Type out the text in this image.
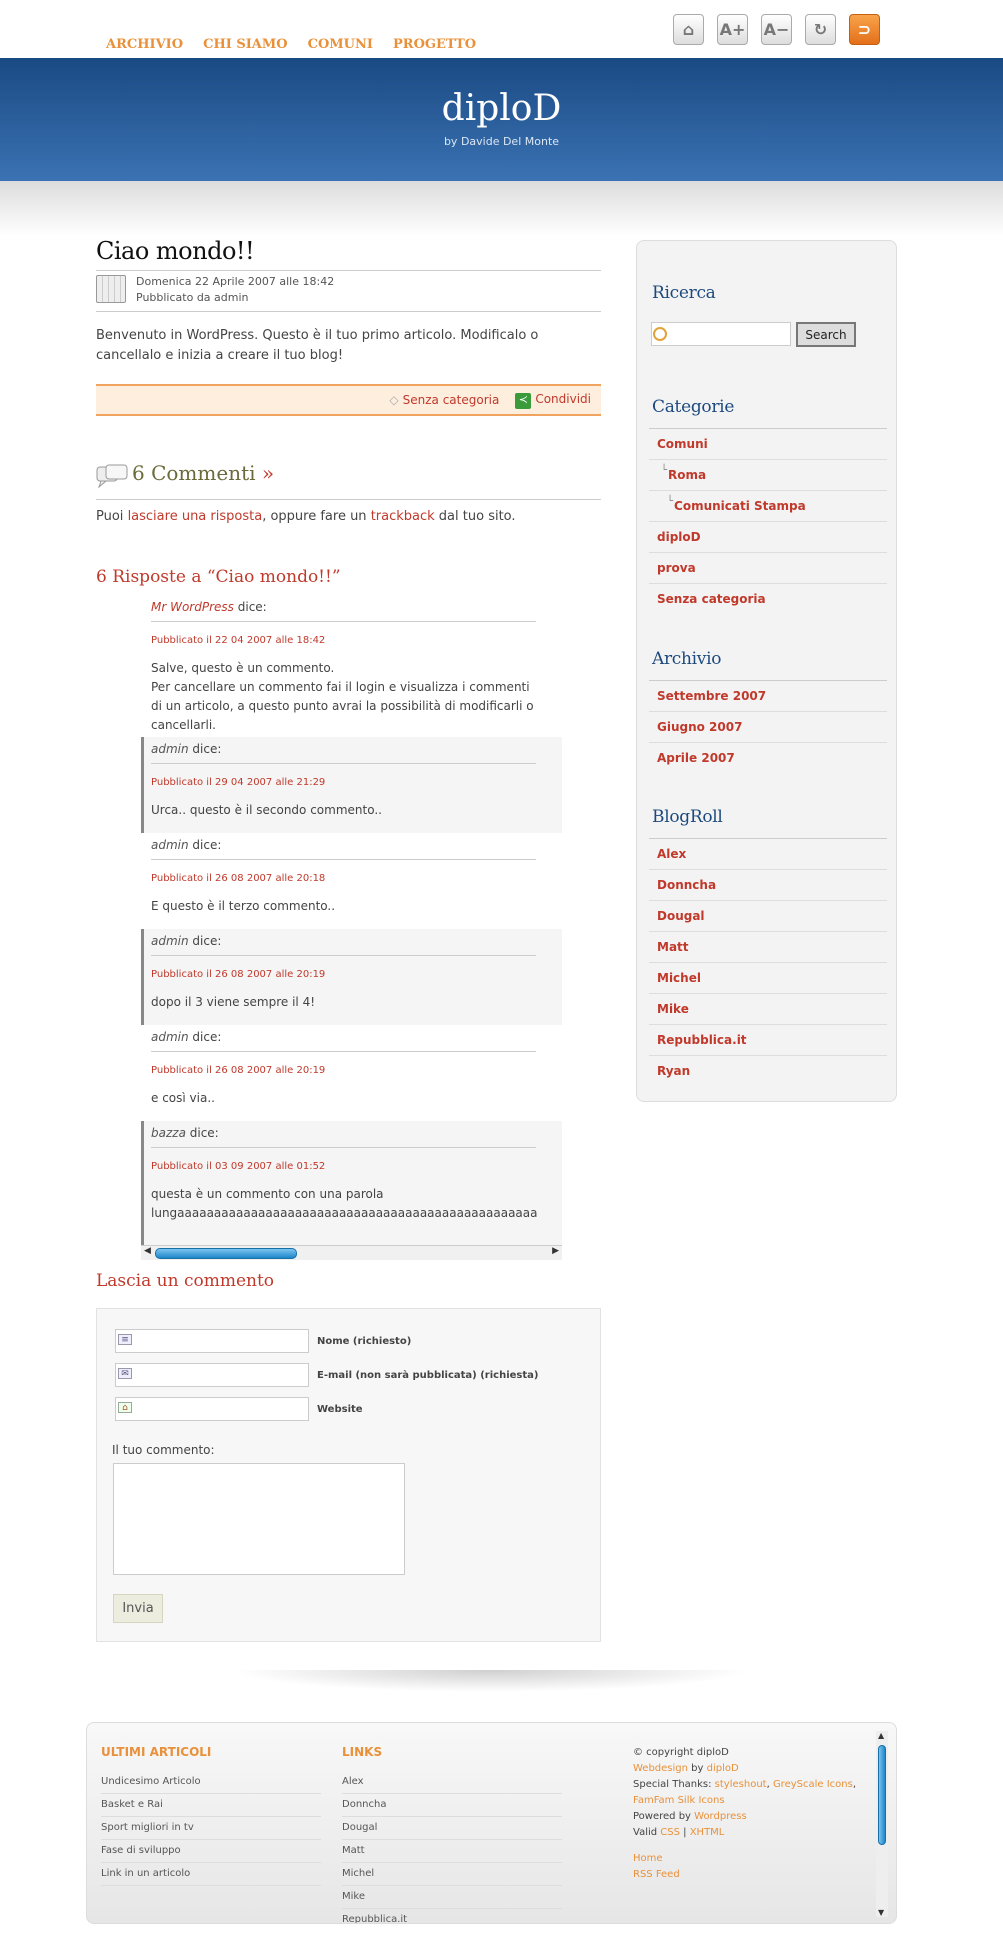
ARCHIVIO CHI SIAMO COMUNI PROGETTO
⌂	A+ A−	↻	⊃
diploD
by Davide Del Monte
Ciao mondo!!
Domenica 22 Aprile 2007 alle 18:42
Pubblicato da admin

Benvenuto in WordPress. Questo è il tuo primo articolo. Modificalo o cancellalo e inizia a creare il tuo blog!

◇ Senza categoria	≺ Condividi
6 Commenti »
Puoi lasciare una risposta, oppure fare un trackback dal tuo sito.
6 Risposte a “Ciao mondo!!”
Mr WordPress dice:
Pubblicato il 22 04 2007 alle 18:42
Salve, questo è un commento.
Per cancellare un commento fai il login e visualizza i commenti di un articolo, a questo punto avrai la possibilità di modificarli o cancellarli.
admin dice:
Pubblicato il 29 04 2007 alle 21:29
Urca.. questo è il secondo commento..
admin dice:
Pubblicato il 26 08 2007 alle 20:18
E questo è il terzo commento..
admin dice:
Pubblicato il 26 08 2007 alle 20:19
dopo il 3 viene sempre il 4!
admin dice:
Pubblicato il 26 08 2007 alle 20:19
e così via..
bazza dice:
Pubblicato il 03 09 2007 alle 01:52
questa è un commento con una parola
lungaaaaaaaaaaaaaaaaaaaaaaaaaaaaaaaaaaaaaaaaaaaaaaaaa
◀	▶
Lascia un commento
≡	Nome (richiesto)
✉	E-mail (non sarà pubblicata) (richiesta)
⌂	Website
Il tuo commento:
Invia
Ricerca
Search
Categorie
Comuni
└Roma
└Comunicati Stampa
diploD
prova
Senza categoria
Archivio
Settembre 2007
Giugno 2007
Aprile 2007
BlogRoll
Alex
Donncha
Dougal
Matt
Michel
Mike
Repubblica.it
Ryan
ULTIMI ARTICOLI
Undicesimo Articolo
Basket e Rai
Sport migliori in tv
Fase di sviluppo
Link in un articolo
LINKS
Alex
Donncha
Dougal
Matt
Michel
Mike
Repubblica.it
© copyright diploD
Webdesign by diploD
Special Thanks: styleshout, GreyScale Icons,
FamFam Silk Icons
Powered by Wordpress
Valid CSS | XHTML
Home
RSS Feed
▲
▼
